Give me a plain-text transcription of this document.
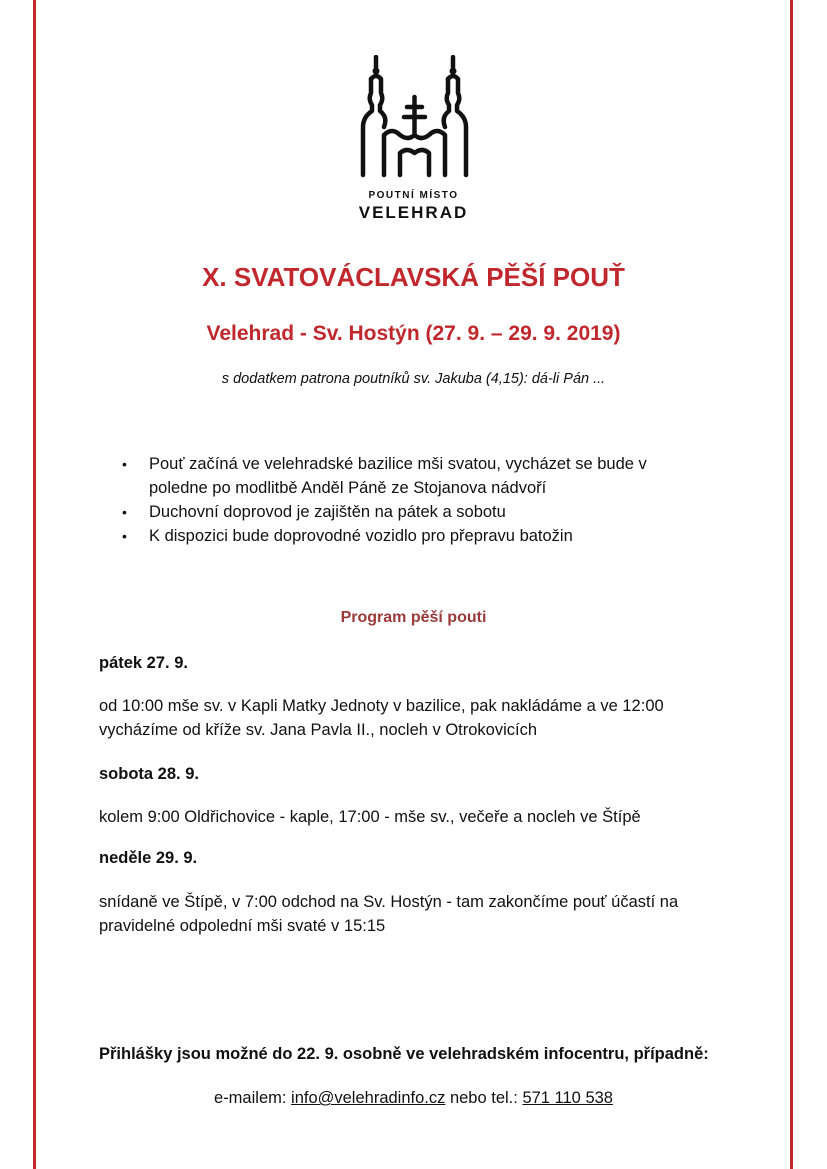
POUTNÍ MÍSTO
VELEHRAD
X. SVATOVÁCLAVSKÁ PĚŠÍ POUŤ
Velehrad - Sv. Hostýn (27. 9. – 29. 9. 2019)
s dodatkem patrona poutníků sv. Jakuba (4,15): dá-li Pán ...
• Pouť začíná ve velehradské bazilice mši svatou, vycházet se bude v poledne po modlitbě Anděl Páně ze Stojanova nádvoří
• Duchovní doprovod je zajištěn na pátek a sobotu
• K dispozici bude doprovodné vozidlo pro přepravu batožin
Program pěší pouti
pátek 27. 9.
od 10:00 mše sv. v Kapli Matky Jednoty v bazilice, pak nakládáme a ve 12:00 vycházíme od kříže sv. Jana Pavla II., nocleh v Otrokovicích
sobota 28. 9.
kolem 9:00 Oldřichovice - kaple, 17:00 - mše sv., večeře a nocleh ve Štípě
neděle 29. 9.
snídaně ve Štípě, v 7:00 odchod na Sv. Hostýn - tam zakončíme pouť účastí na pravidelné odpolední mši svaté v 15:15
Přihlášky jsou možné do 22. 9. osobně ve velehradském infocentru, případně:
e-mailem: info@velehradinfo.cz nebo tel.: 571 110 538
